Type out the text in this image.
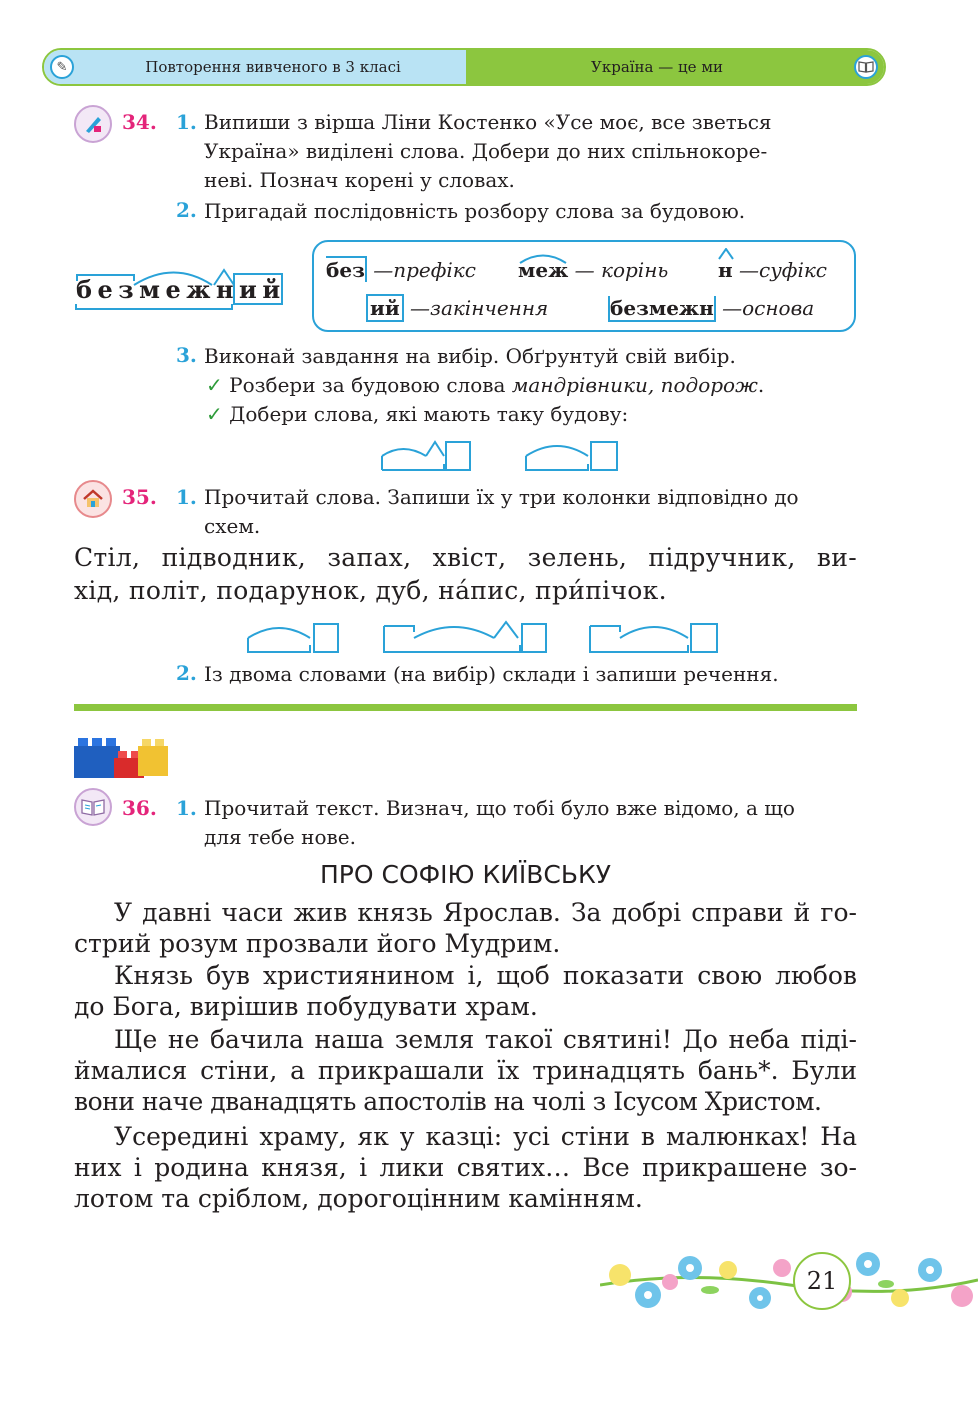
✎	Повторення вивченого в 3 класі	Україна — це ми
34. 1. Випиши з вірша Ліни Костенко «Усе моє, все зветься
Україна» виділені слова. Добери до них спільнокоре-
неві. Познач корені у словах.
2. Пригадай послідовність розбору слова за будовою.
безмежний
без —префікс меж — корінь н —суфікс
ий —закінчення	безмежн —основа
3. Виконай завдання на вибір. Обґрунтуй свій вибір.
✓ Розбери за будовою слова мандрівники, подорож.
✓ Добери слова, які мають таку будову:
35. 1. Прочитай слова. Запиши їх у три колонки відповідно до
схем.
Стіл, підводник, запах, хвіст, зелень, підручник, ви-
хід, політ, подарунок, дуб, на́пис, при́пічок.
2. Із двома словами (на вибір) склади і запиши речення.
36. 1. Прочитай текст. Визнач, що тобі було вже відомо, а що
для тебе нове.
ПРО СОФІЮ КИЇВСЬКУ
У давні часи жив князь Ярослав. За добрі справи й го-
стрий розум прозвали його Мудрим.
Князь був християнином і, щоб показати свою любов
до Бога, вирішив побудувати храм.
Ще не бачила наша земля такої святині! До неба піді-
ймалися стіни, а прикрашали їх тринадцять бань*. Були
вони наче дванадцять апостолів на чолі з Ісусом Христом.
Усередині храму, як у казці: усі стіни в малюнках! На
них і родина князя, і лики святих… Все прикрашене зо-
лотом та сріблом, дорогоцінним камінням.
21
